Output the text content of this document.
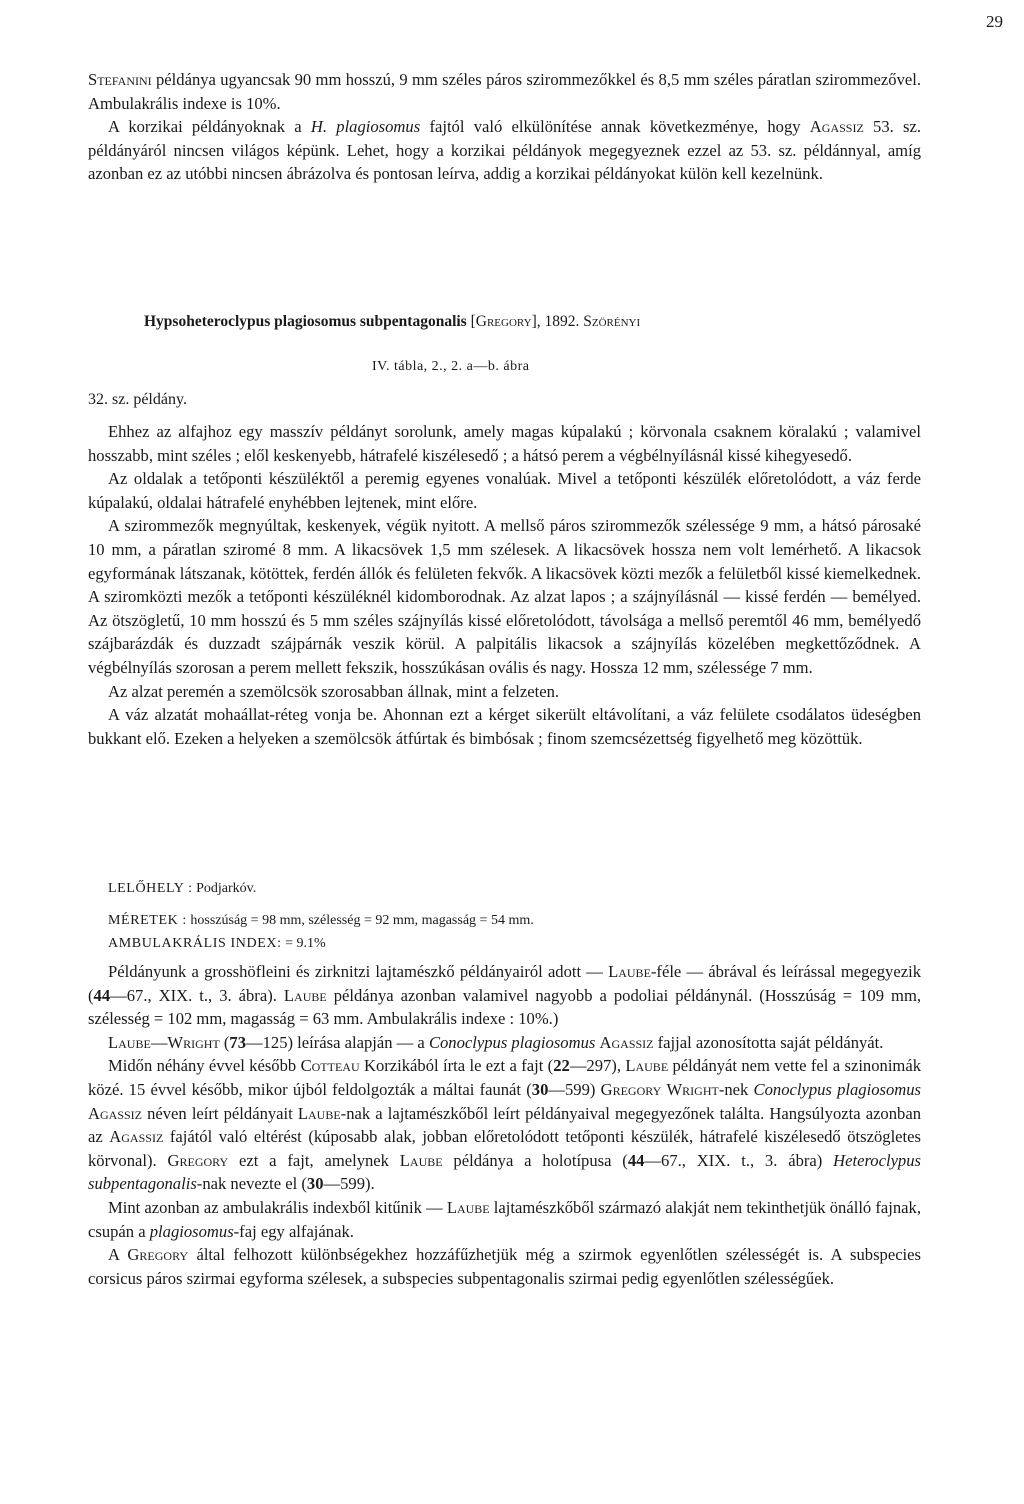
29

Stefanini példánya ugyancsak 90 mm hosszú, 9 mm széles páros szirommezőkkel és 8,5 mm széles páratlan szirommezővel. Ambulakrális indexe is 10%.

A korzikai példányoknak a H. plagiosomus fajtól való elkülönítése annak következménye, hogy Agassiz 53. sz. példányáról nincsen világos képünk. Lehet, hogy a korzikai példányok megegyeznek ezzel az 53. sz. példánnyal, amíg azonban ez az utóbbi nincsen ábrázolva és pontosan leírva, addig a korzikai példányokat külön kell kezelnünk.

Hypsoheteroclypus plagiosomus subpentagonalis [Gregory], 1892. Szörényi
IV. tábla, 2., 2. a—b. ábra
32. sz. példány.

Ehhez az alfajhoz egy masszív példányt sorolunk, amely magas kúpalakú ; körvonala csaknem köralakú ; valamivel hosszabb, mint széles ; elől keskenyebb, hátrafelé kiszélesedő ; a hátsó perem a végbélnyílásnál kissé kihegyesedő.

Az oldalak a tetőponti készüléktől a peremig egyenes vonalúak. Mivel a tetőponti készülék előretolódott, a váz ferde kúpalakú, oldalai hátrafelé enyhébben lejtenek, mint előre.

A szirommezők megnyúltak, keskenyek, végük nyitott. A mellső páros szirommezők szélessége 9 mm, a hátsó párosaké 10 mm, a páratlan sziromé 8 mm. A likacsövek 1,5 mm szélesek. A likacsövek hossza nem volt lemérhető. A likacsok egyformának látszanak, kötöttek, ferdén állók és felületen fekvők. A likacsövek közti mezők a felületből kissé kiemelkednek. A sziromközti mezők a tetőponti készüléknél kidomborodnak. Az alzat lapos ; a szájnyílásnál — kissé ferdén — bemélyed. Az ötszögletű, 10 mm hosszú és 5 mm széles szájnyílás kissé előretolódott, távolsága a mellső peremtől 46 mm, bemélyedő szájbarázdák és duzzadt szájpárnák veszik körül. A palpitális likacsok a szájnyílás közelében megkettőződnek. A végbélnyílás szorosan a perem mellett fekszik, hosszúkásan ovális és nagy. Hossza 12 mm, szélessége 7 mm.

Az alzat peremén a szemölcsök szorosabban állnak, mint a felzeten.

A váz alzatát mohaállat-réteg vonja be. Ahonnan ezt a kérget sikerült eltávolítani, a váz felülete csodálatos üdeségben bukkant elő. Ezeken a helyeken a szemölcsök átfúrtak és bimbósak ; finom szemcsézettség figyelhető meg közöttük.

LELŐHELY : Podjarkóv.
MÉRETEK : hosszúság = 98 mm, szélesség = 92 mm, magasság = 54 mm.
AMBULAKRÁLIS INDEX: = 9.1%

Példányunk a grosshöfleini és zirknitzi lajtamészkő példányairól adott — Laube-féle — ábrával és leírással megegyezik (44—67., XIX. t., 3. ábra). Laube példánya azonban valamivel nagyobb a podoliai példánynál. (Hosszúság = 109 mm, szélesség = 102 mm, magasság = 63 mm. Ambulakrális indexe : 10%.)

Laube—Wright (73—125) leírása alapján — a Conoclypus plagiosomus Agassiz fajjal azonosította saját példányát.

Midőn néhány évvel később Cotteau Korzikából írta le ezt a fajt (22—297), Laube példányát nem vette fel a szinonimák közé. 15 évvel később, mikor újból feldolgozták a máltai faunát (30—599) Gregory Wright-nek Conoclypus plagiosomus Agassiz néven leírt példányait Laube-nak a lajtamészkőből leírt példányaival megegyezőnek találta. Hangsúlyozta azonban az Agassiz fajától való eltérést (kúposabb alak, jobban előretolódott tetőponti készülék, hátrafelé kiszélesedő ötszögletes körvonal). Gregory ezt a fajt, amelynek Laube példánya a holotípusa (44—67., XIX. t., 3. ábra) Heteroclypus subpentagonalis-nak nevezte el (30—599).

Mint azonban az ambulakrális indexből kitűnik — Laube lajtamészkőből származó alakját nem tekinthetjük önálló fajnak, csupán a plagiosomus-faj egy alfajának.

A Gregory által felhozott különbségekhez hozzáfűzhetjük még a szirmok egyenlőtlen szélességét is. A subspecies corsicus páros szirmai egyforma szélesek, a subspecies subpentagonalis szirmai pedig egyenlőtlen szélességűek.
